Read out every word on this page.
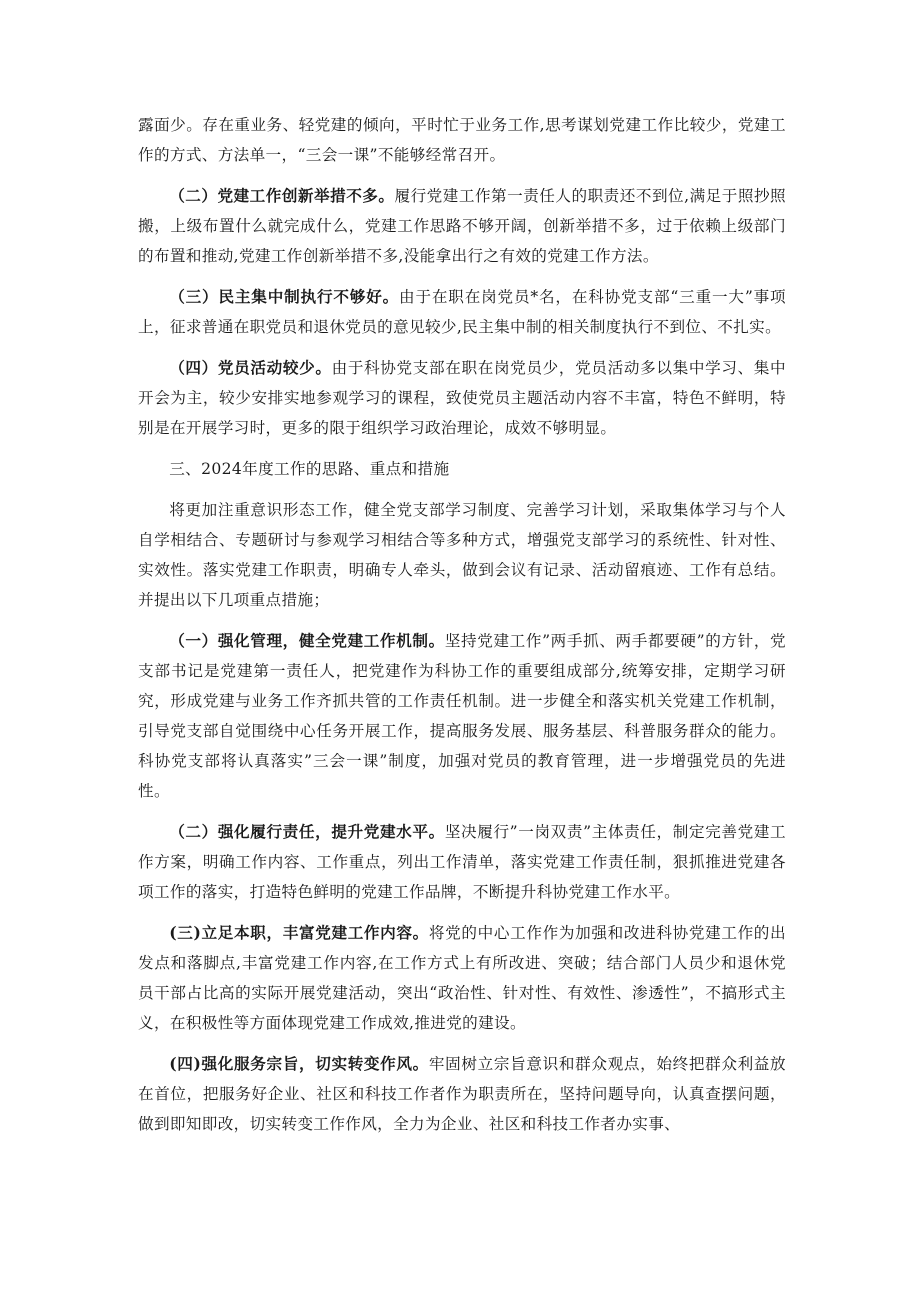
露面少。存在重业务、轻党建的倾向，平时忙于业务工作,思考谋划党建工作比较少，党建工作的方式、方法单一，“三会一课”不能够经常召开。

（二）党建工作创新举措不多。履行党建工作第一责任人的职责还不到位,满足于照抄照搬，上级布置什么就完成什么，党建工作思路不够开阔，创新举措不多，过于依赖上级部门的布置和推动,党建工作创新举措不多,没能拿出行之有效的党建工作方法。

（三）民主集中制执行不够好。由于在职在岗党员*名，在科协党支部“三重一大”事项上，征求普通在职党员和退休党员的意见较少,民主集中制的相关制度执行不到位、不扎实。

（四）党员活动较少。由于科协党支部在职在岗党员少，党员活动多以集中学习、集中开会为主，较少安排实地参观学习的课程，致使党员主题活动内容不丰富，特色不鲜明，特别是在开展学习时，更多的限于组织学习政治理论，成效不够明显。

三、2024年度工作的思路、重点和措施

将更加注重意识形态工作，健全党支部学习制度、完善学习计划，采取集体学习与个人自学相结合、专题研讨与参观学习相结合等多种方式，增强党支部学习的系统性、针对性、实效性。落实党建工作职责，明确专人牵头，做到会议有记录、活动留痕迹、工作有总结。并提出以下几项重点措施；

（一）强化管理，健全党建工作机制。坚持党建工作”两手抓、两手都要硬”的方针，党支部书记是党建第一责任人，把党建作为科协工作的重要组成部分,统筹安排，定期学习研究，形成党建与业务工作齐抓共管的工作责任机制。进一步健全和落实机关党建工作机制，引导党支部自觉围绕中心任务开展工作，提高服务发展、服务基层、科普服务群众的能力。科协党支部将认真落实”三会一课”制度，加强对党员的教育管理，进一步增强党员的先进性。

（二）强化履行责任，提升党建水平。坚决履行”一岗双责”主体责任，制定完善党建工作方案，明确工作内容、工作重点，列出工作清单，落实党建工作责任制，狠抓推进党建各项工作的落实，打造特色鲜明的党建工作品牌，不断提升科协党建工作水平。

(三)立足本职，丰富党建工作内容。将党的中心工作作为加强和改进科协党建工作的出发点和落脚点,丰富党建工作内容,在工作方式上有所改进、突破；结合部门人员少和退休党员干部占比高的实际开展党建活动，突出“政治性、针对性、有效性、渗透性”，不搞形式主义，在积极性等方面体现党建工作成效,推进党的建设。

(四)强化服务宗旨，切实转变作风。牢固树立宗旨意识和群众观点，始终把群众利益放在首位，把服务好企业、社区和科技工作者作为职责所在，坚持问题导向，认真查摆问题，做到即知即改，切实转变工作作风，全力为企业、社区和科技工作者办实事、
